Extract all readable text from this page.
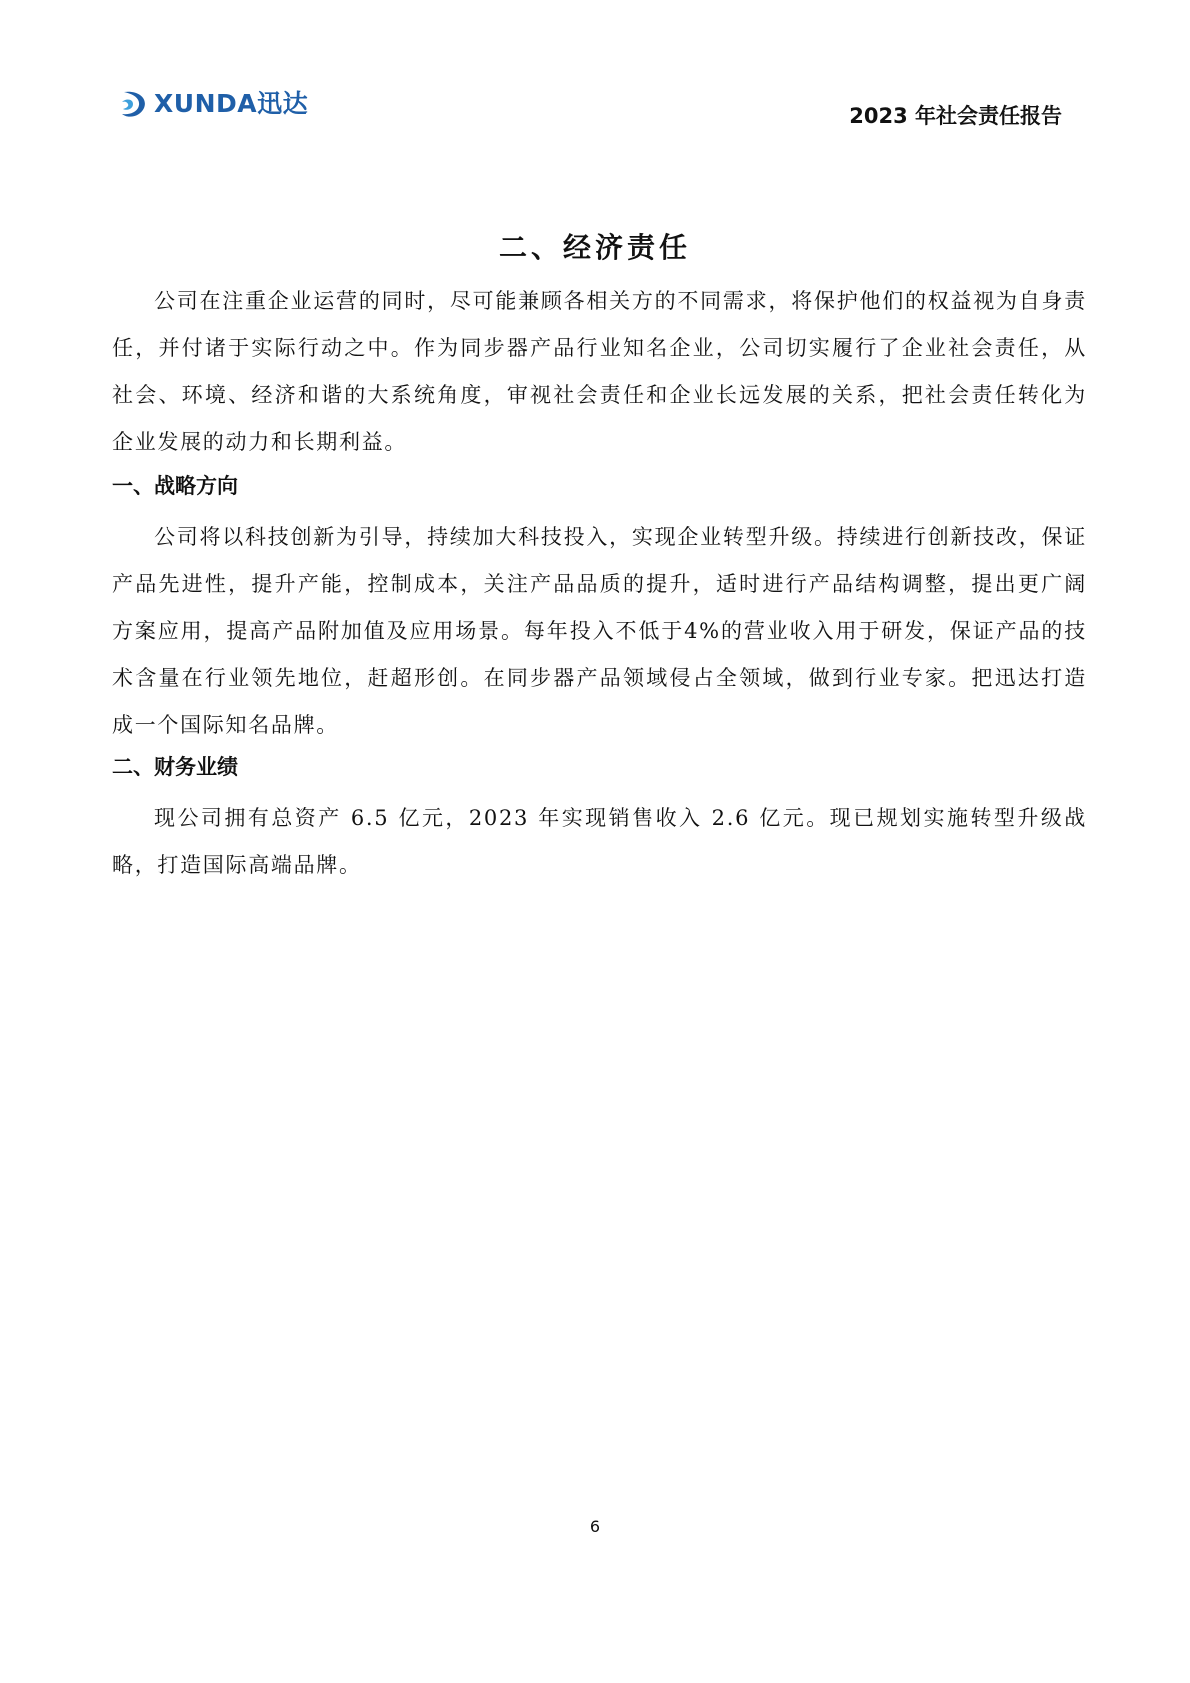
XUNDA迅达	2023 年社会责任报告
二、经济责任

公司在注重企业运营的同时，尽可能兼顾各相关方的不同需求，将保护他们的权益视为自身责任，并付诸于实际行动之中。作为同步器产品行业知名企业，公司切实履行了企业社会责任，从社会、环境、经济和谐的大系统角度，审视社会责任和企业长远发展的关系，把社会责任转化为企业发展的动力和长期利益。

一、战略方向

公司将以科技创新为引导，持续加大科技投入，实现企业转型升级。持续进行创新技改，保证产品先进性，提升产能，控制成本，关注产品品质的提升，适时进行产品结构调整，提出更广阔方案应用，提高产品附加值及应用场景。每年投入不低于4%的营业收入用于研发，保证产品的技术含量在行业领先地位，赶超形创。在同步器产品领域侵占全领域，做到行业专家。把迅达打造成一个国际知名品牌。

二、财务业绩

现公司拥有总资产 6.5 亿元，2023 年实现销售收入 2.6 亿元。现已规划实施转型升级战略，打造国际高端品牌。

6
